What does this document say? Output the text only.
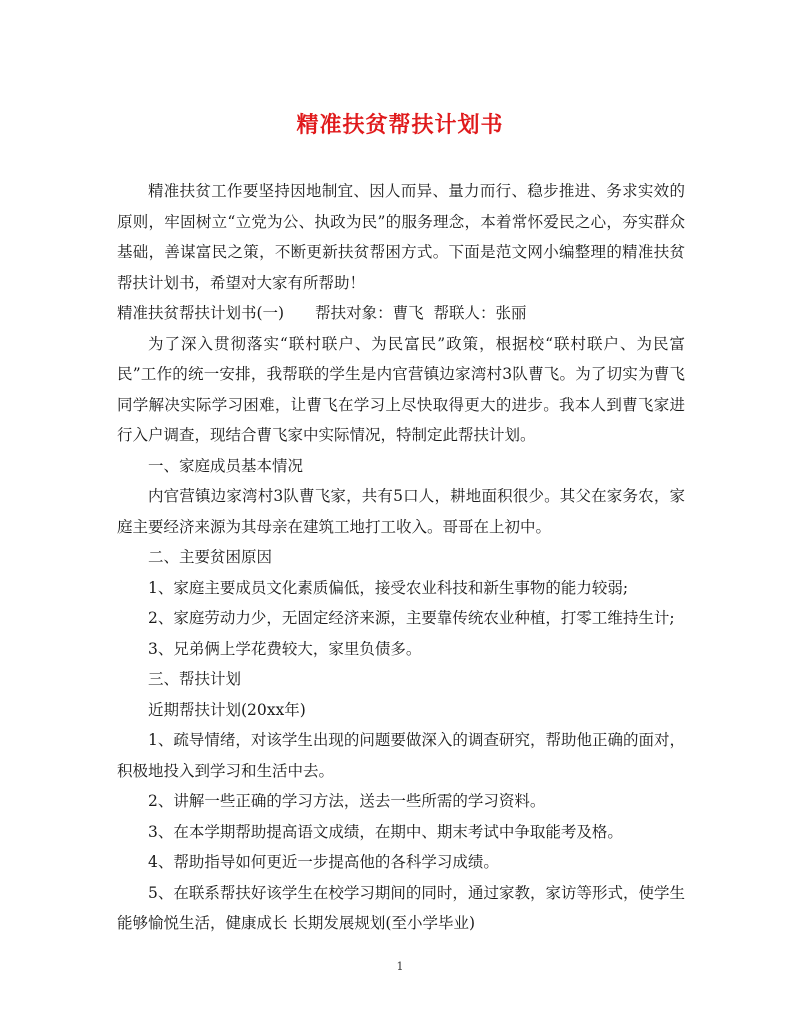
精准扶贫帮扶计划书

精准扶贫工作要坚持因地制宜、因人而异、量力而行、稳步推进、务求实效的原则，牢固树立“立党为公、执政为民”的服务理念，本着常怀爱民之心，夯实群众基础，善谋富民之策，不断更新扶贫帮困方式。下面是范文网小编整理的精准扶贫帮扶计划书，希望对大家有所帮助！

精准扶贫帮扶计划书(一)　　帮扶对象：曹飞  帮联人：张丽

为了深入贯彻落实“联村联户、为民富民”政策，根据校“联村联户、为民富民”工作的统一安排，我帮联的学生是内官营镇边家湾村3队曹飞。为了切实为曹飞同学解决实际学习困难，让曹飞在学习上尽快取得更大的进步。我本人到曹飞家进行入户调查，现结合曹飞家中实际情况，特制定此帮扶计划。

一、家庭成员基本情况

内官营镇边家湾村3队曹飞家，共有5口人，耕地面积很少。其父在家务农，家庭主要经济来源为其母亲在建筑工地打工收入。哥哥在上初中。

二、主要贫困原因

1、家庭主要成员文化素质偏低，接受农业科技和新生事物的能力较弱;

2、家庭劳动力少，无固定经济来源，主要靠传统农业种植，打零工维持生计;

3、兄弟俩上学花费较大，家里负债多。

三、帮扶计划

近期帮扶计划(20xx年)

1、疏导情绪，对该学生出现的问题要做深入的调查研究，帮助他正确的面对，积极地投入到学习和生活中去。

2、讲解一些正确的学习方法，送去一些所需的学习资料。

3、在本学期帮助提高语文成绩，在期中、期末考试中争取能考及格。

4、帮助指导如何更近一步提高他的各科学习成绩。

5、在联系帮扶好该学生在校学习期间的同时，通过家教，家访等形式，使学生能够愉悦生活，健康成长 长期发展规划(至小学毕业)

1
